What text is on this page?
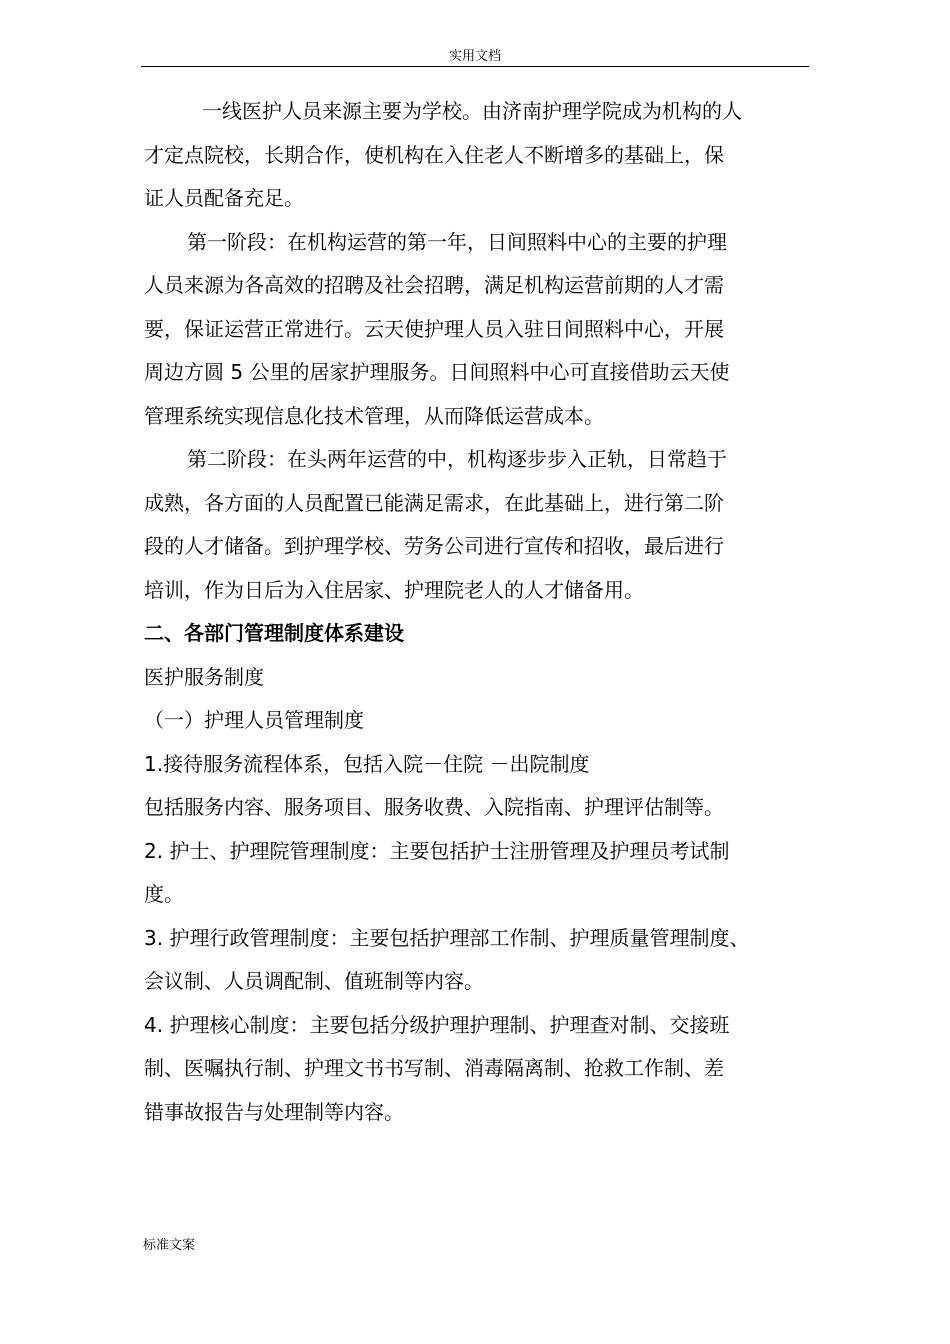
实用文档

一线医护人员来源主要为学校。由济南护理学院成为机构的人

才定点院校，长期合作，使机构在入住老人不断增多的基础上，保

证人员配备充足。

第一阶段：在机构运营的第一年，日间照料中心的主要的护理

人员来源为各高效的招聘及社会招聘，满足机构运营前期的人才需

要，保证运营正常进行。云天使护理人员入驻日间照料中心，开展

周边方圆 5 公里的居家护理服务。日间照料中心可直接借助云天使

管理系统实现信息化技术管理，从而降低运营成本。

第二阶段：在头两年运营的中，机构逐步步入正轨，日常趋于

成熟，各方面的人员配置已能满足需求，在此基础上，进行第二阶

段的人才储备。到护理学校、劳务公司进行宣传和招收，最后进行

培训，作为日后为入住居家、护理院老人的人才储备用。

二、各部门管理制度体系建设

医护服务制度

（一）护理人员管理制度

1.接待服务流程体系，包括入院－住院 －出院制度

包括服务内容、服务项目、服务收费、入院指南、护理评估制等。

2. 护士、护理院管理制度：主要包括护士注册管理及护理员考试制

度。

3. 护理行政管理制度：主要包括护理部工作制、护理质量管理制度、

会议制、人员调配制、值班制等内容。

4. 护理核心制度：主要包括分级护理护理制、护理查对制、交接班

制、医嘱执行制、护理文书书写制、消毒隔离制、抢救工作制、差

错事故报告与处理制等内容。

标准文案
